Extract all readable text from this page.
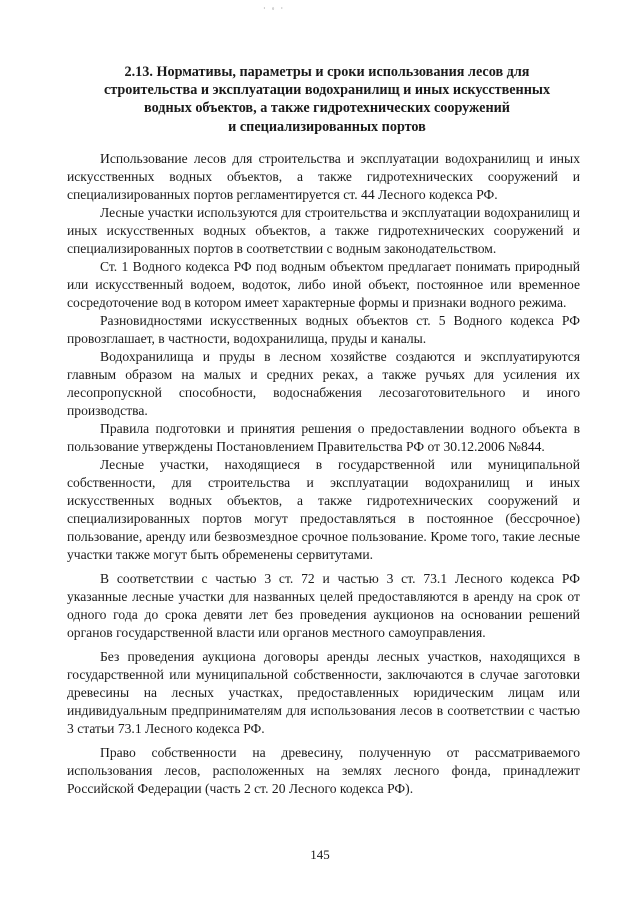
· ◦ ·
2.13. Нормативы, параметры и сроки использования лесов для
строительства и эксплуатации водохранилищ и иных искусственных
водных объектов, а также гидротехнических сооружений
и специализированных портов

Использование лесов для строительства и эксплуатации водохранилищ и иных искусственных водных объектов, а также гидротехнических сооружений и специализированных портов регламентируется ст. 44 Лесного кодекса РФ.

Лесные участки используются для строительства и эксплуатации водохранилищ и иных искусственных водных объектов, а также гидротехнических сооружений и специализированных портов в соответствии с водным законодательством.

Ст. 1 Водного кодекса РФ под водным объектом предлагает понимать природный или искусственный водоем, водоток, либо иной объект, постоянное или временное сосредоточение вод в котором имеет характерные формы и признаки водного режима.

Разновидностями искусственных водных объектов ст. 5 Водного кодекса РФ провозглашает, в частности, водохранилища, пруды и каналы.

Водохранилища и пруды в лесном хозяйстве создаются и эксплуатируются главным образом на малых и средних реках, а также ручьях для усиления их лесопропускной способности, водоснабжения лесозаготовительного и иного производства.

Правила подготовки и принятия решения о предоставлении водного объекта в пользование утверждены Постановлением Правительства РФ от 30.12.2006 №844.

Лесные участки, находящиеся в государственной или муниципальной собственности, для строительства и эксплуатации водохранилищ и иных искусственных водных объектов, а также гидротехнических сооружений и специализированных портов могут предоставляться в постоянное (бессрочное) пользование, аренду или безвозмездное срочное пользование. Кроме того, такие лесные участки также могут быть обременены сервитутами.

В соответствии с частью 3 ст. 72 и частью 3 ст. 73.1 Лесного кодекса РФ указанные лесные участки для названных целей предоставляются в аренду на срок от одного года до срока девяти лет без проведения аукционов на основании решений органов государственной власти или органов местного самоуправления.

Без проведения аукциона договоры аренды лесных участков, находящихся в государственной или муниципальной собственности, заключаются в случае заготовки древесины на лесных участках, предоставленных юридическим лицам или индивидуальным предпринимателям для использования лесов в соответствии с частью 3 статьи 73.1 Лесного кодекса РФ.

Право собственности на древесину, полученную от рассматриваемого использования лесов, расположенных на землях лесного фонда, принадлежит Российской Федерации (часть 2 ст. 20 Лесного кодекса РФ).

145
